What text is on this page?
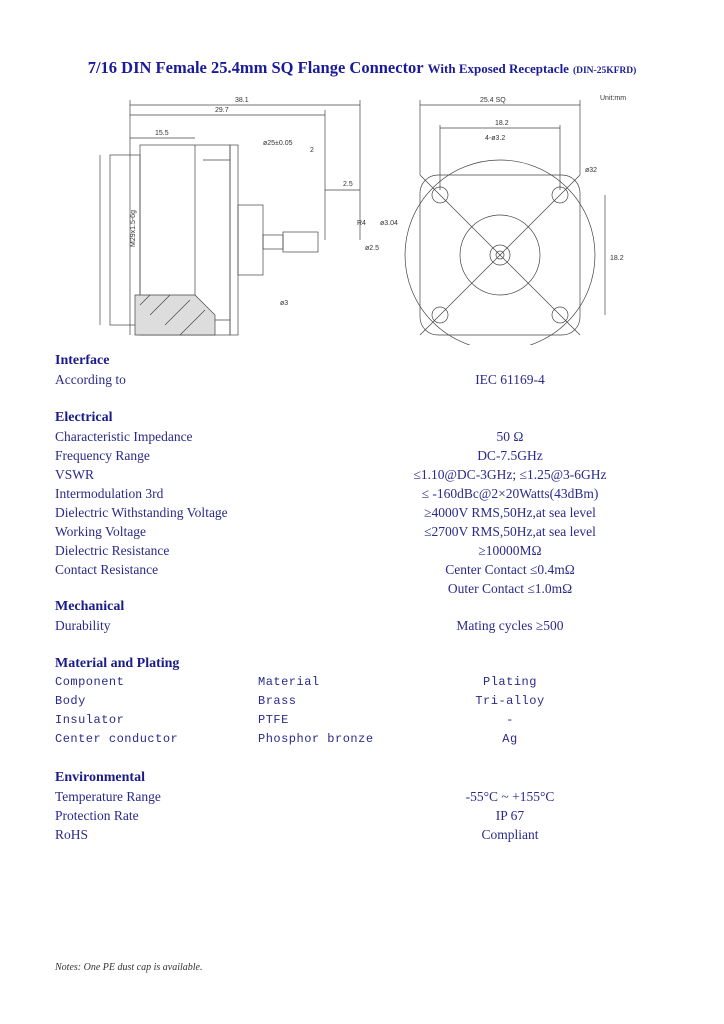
7/16 DIN Female 25.4mm SQ Flange Connector With Exposed Receptacle (DIN-25KFRD)
Unit:mm
38.1
29.7
15.5
ø25±0.05
2
2.5
R4 ø3.04
ø2.5
ø3
M29x1.5-6g
25.4 SQ
18.2
4-ø3.2
ø32
18.2
Interface
According to	IEC 61169-4
Electrical
Characteristic Impedance	50 Ω
Frequency Range	DC-7.5GHz
VSWR	≤1.10@DC-3GHz; ≤1.25@3-6GHz
Intermodulation 3rd	≤ -160dBc@2×20Watts(43dBm)
Dielectric Withstanding Voltage	≥4000V RMS,50Hz,at sea level
Working Voltage	≤2700V RMS,50Hz,at sea level
Dielectric Resistance	≥10000MΩ
Contact Resistance	Center Contact ≤0.4mΩ
Outer Contact ≤1.0mΩ
Mechanical
Durability	Mating cycles ≥500
Material and Plating
Component	Material	Plating
Body	Brass	Tri-alloy
Insulator	PTFE	-
Center conductor	Phosphor bronze	Ag
Environmental
Temperature Range	-55°C ~ +155°C
Protection Rate	IP 67
RoHS	Compliant
Notes: One PE dust cap is available.
